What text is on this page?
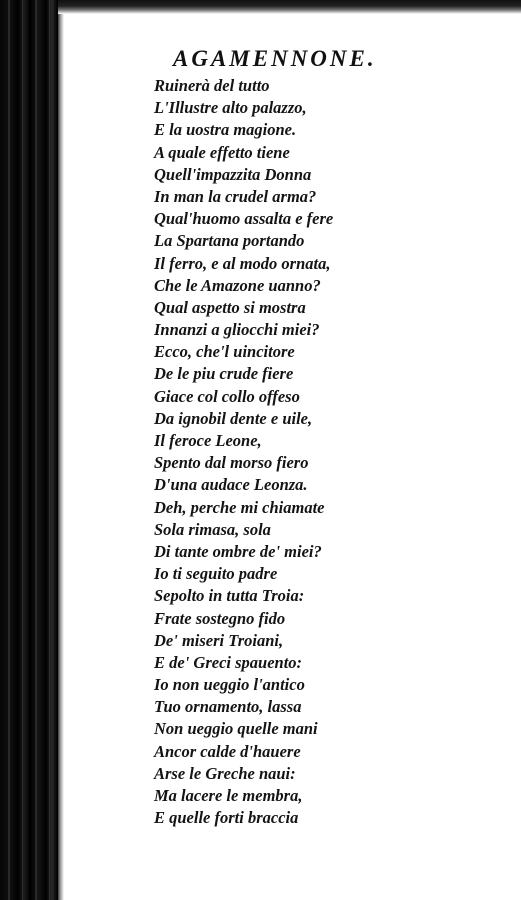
AGAMENNONE.
Ruinerà del tutto
L'Illustre alto palazzo,
E la uostra magione.
A quale effetto tiene
Quell'impazzita Donna
In man la crudel arma?
Qual'huomo assalta e fere
La Spartana portando
Il ferro, e al modo ornata,
Che le Amazone uanno?
Qual aspetto si mostra
Innanzi a gliocchi miei?
Ecco, che'l uincitore
De le piu crude fiere
Giace col collo offeso
Da ignobil dente e uile,
Il feroce Leone,
Spento dal morso fiero
D'una audace Leonza.
Deh, perche mi chiamate
Sola rimasa, sola
Di tante ombre de' miei?
Io ti seguito padre
Sepolto in tutta Troia:
Frate sostegno fido
De' miseri Troiani,
E de' Greci spauento:
Io non ueggio l'antico
Tuo ornamento, lassa
Non ueggio quelle mani
Ancor calde d'hauere
Arse le Greche naui:
Ma lacere le membra,
E quelle forti braccia
